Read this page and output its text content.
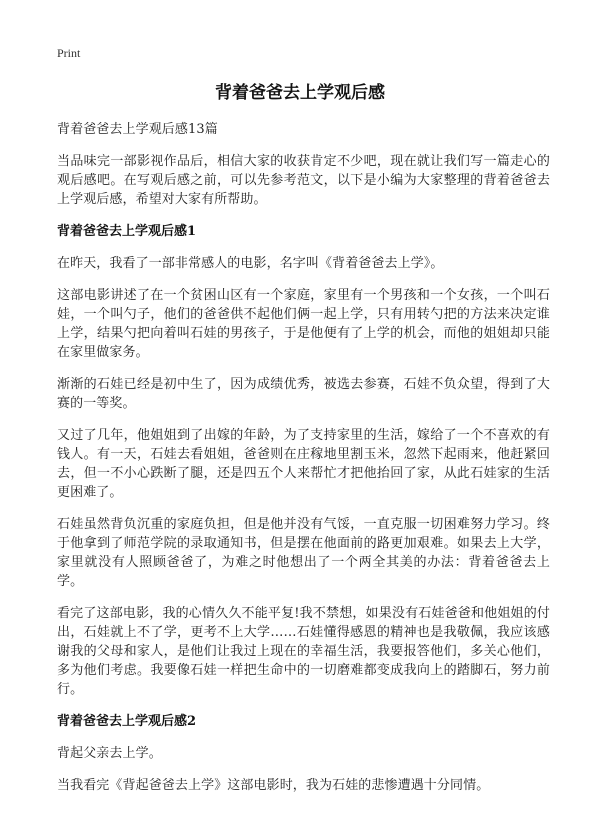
Print
背着爸爸去上学观后感

背着爸爸去上学观后感13篇

当品味完一部影视作品后，相信大家的收获肯定不少吧，现在就让我们写一篇走心的观后感吧。在写观后感之前，可以先参考范文，以下是小编为大家整理的背着爸爸去上学观后感，希望对大家有所帮助。

背着爸爸去上学观后感1

在昨天，我看了一部非常感人的电影，名字叫《背着爸爸去上学》。

这部电影讲述了在一个贫困山区有一个家庭，家里有一个男孩和一个女孩，一个叫石娃，一个叫勺子，他们的爸爸供不起他们俩一起上学，只有用转勺把的方法来决定谁上学，结果勺把向着叫石娃的男孩子，于是他便有了上学的机会，而他的姐姐却只能在家里做家务。

渐渐的石娃已经是初中生了，因为成绩优秀，被选去参赛，石娃不负众望，得到了大赛的一等奖。

又过了几年，他姐姐到了出嫁的年龄，为了支持家里的生活，嫁给了一个不喜欢的有钱人。有一天，石娃去看姐姐，爸爸则在庄稼地里割玉米，忽然下起雨来，他赶紧回去，但一不小心跌断了腿，还是四五个人来帮忙才把他抬回了家，从此石娃家的生活更困难了。

石娃虽然背负沉重的家庭负担，但是他并没有气馁，一直克服一切困难努力学习。终于他拿到了师范学院的录取通知书，但是摆在他面前的路更加艰难。如果去上大学，家里就没有人照顾爸爸了，为难之时他想出了一个两全其美的办法：背着爸爸去上学。

看完了这部电影，我的心情久久不能平复!我不禁想，如果没有石娃爸爸和他姐姐的付出，石娃就上不了学，更考不上大学……石娃懂得感恩的精神也是我敬佩，我应该感谢我的父母和家人，是他们让我过上现在的幸福生活，我要报答他们，多关心他们，多为他们考虑。我要像石娃一样把生命中的一切磨难都变成我向上的踏脚石，努力前行。

背着爸爸去上学观后感2

背起父亲去上学。

当我看完《背起爸爸去上学》这部电影时，我为石娃的悲惨遭遇十分同情。
